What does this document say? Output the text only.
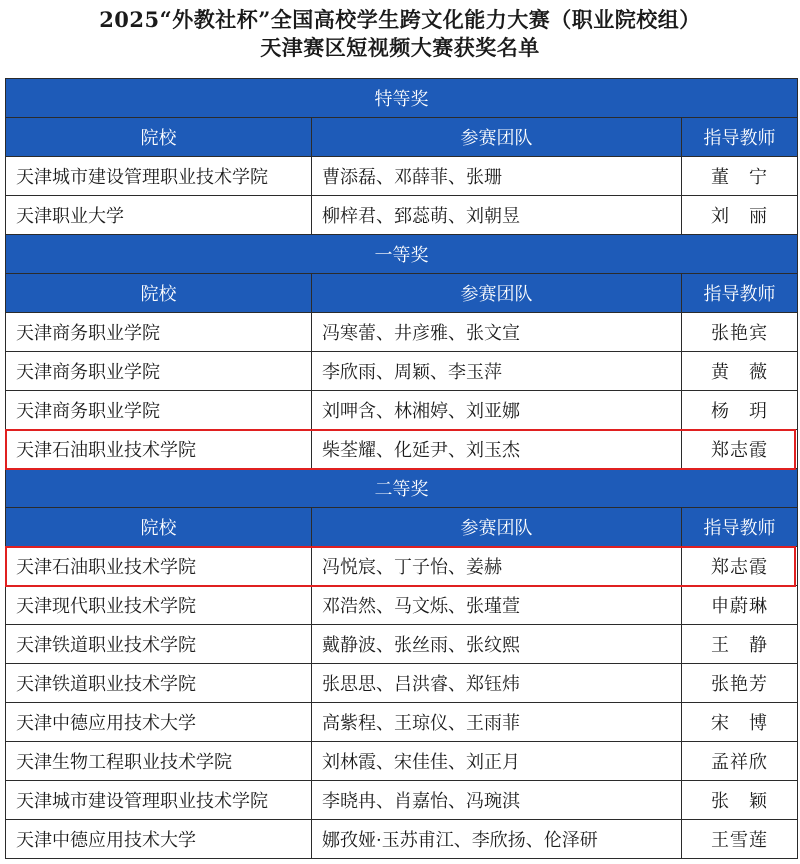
2025“外教社杯”全国高校学生跨文化能力大赛（职业院校组）
天津赛区短视频大赛获奖名单
特等奖		
院校	参赛团队	指导教师
天津城市建设管理职业技术学院	曹添磊、邓薛菲、张珊	董　宁
天津职业大学	柳梓君、郅蕊萌、刘朝昱	刘　丽
一等奖		
院校	参赛团队	指导教师
天津商务职业学院	冯寒蕾、井彦雅、张文宣	张艳宾
天津商务职业学院	李欣雨、周颖、李玉萍	黄　薇
天津商务职业学院	刘呷含、林湘婷、刘亚娜	杨　玥
天津石油职业技术学院	柴荃耀、化延尹、刘玉杰	郑志霞
二等奖		
院校	参赛团队	指导教师
天津石油职业技术学院	冯悦宸、丁子怡、姜赫	郑志霞
天津现代职业技术学院	邓浩然、马文烁、张瑾萱	申蔚琳
天津铁道职业技术学院	戴静波、张丝雨、张纹熙	王　静
天津铁道职业技术学院	张思思、吕洪睿、郑钰炜	张艳芳
天津中德应用技术大学	高紫程、王琼仪、王雨菲	宋　博
天津生物工程职业技术学院	刘林霞、宋佳佳、刘正月	孟祥欣
天津城市建设管理职业技术学院	李晓冉、肖嘉怡、冯琬淇	张　颖
天津中德应用技术大学	娜孜娅·玉苏甫江、李欣扬、伦泽研	王雪莲
